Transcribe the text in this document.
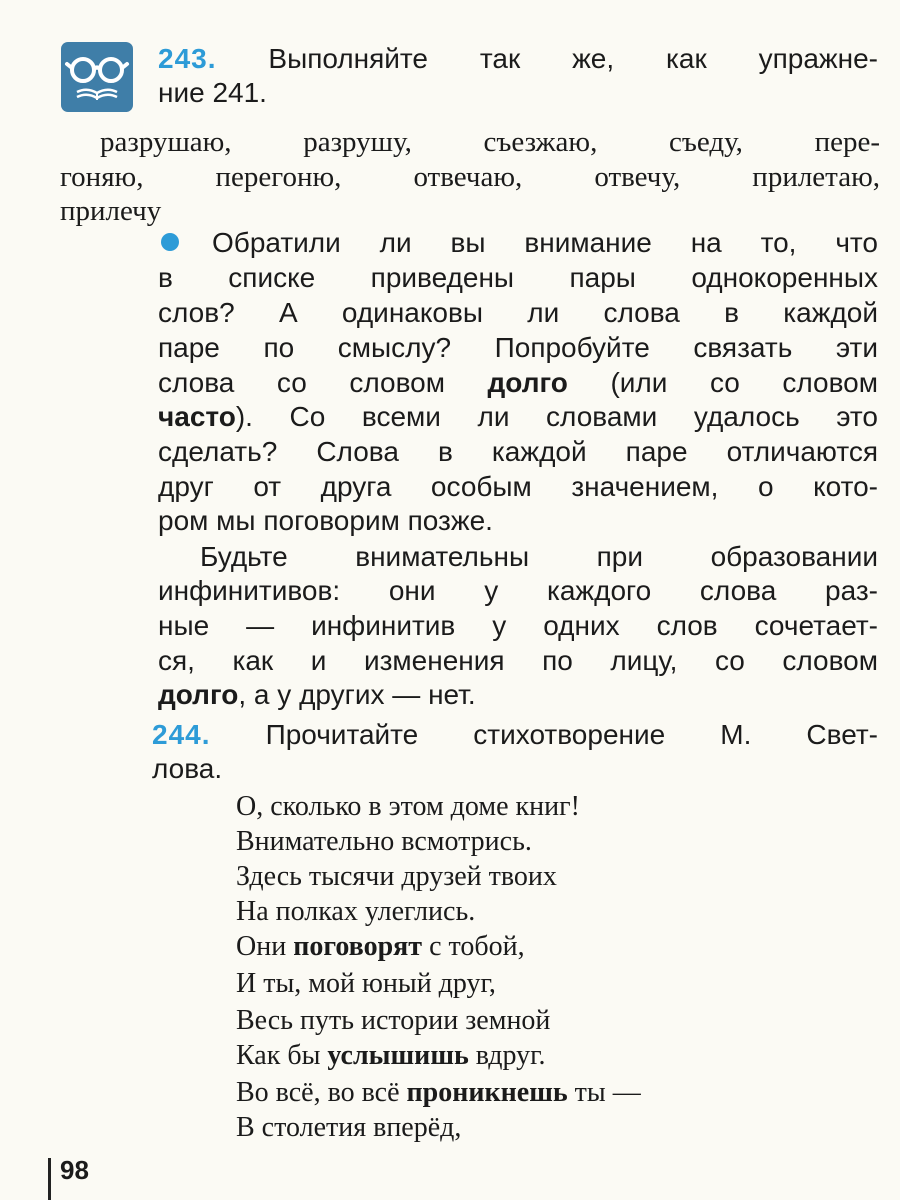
243. Выполняйте так же, как упражне-
ние 241.
разрушаю, разрушу, съезжаю, съеду, пере-
гоняю, перегоню, отвечаю, отвечу, прилетаю,
прилечу
Обратили ли вы внимание на то, что
в списке приведены пары однокоренных
слов? А одинаковы ли слова в каждой
паре по смыслу? Попробуйте связать эти
слова со словом долго (или со словом
часто). Со всеми ли словами удалось это
сделать? Слова в каждой паре отличаются
друг от друга особым значением, о кото-
ром мы поговорим позже.
Будьте внимательны при образовании
инфинитивов: они у каждого слова раз-
ные — инфинитив у одних слов сочетает-
ся, как и изменения по лицу, со словом
долго, а у других — нет.
244. Прочитайте стихотворение М. Свет-
лова.
О, сколько в этом доме книг!
Внимательно всмотрись.
Здесь тысячи друзей твоих
На полках улеглись.
Они поговорят с тобой,
И ты, мой юный друг,
Весь путь истории земной
Как бы услышишь вдруг.
Во всё, во всё проникнешь ты —
В столетия вперёд,
98
